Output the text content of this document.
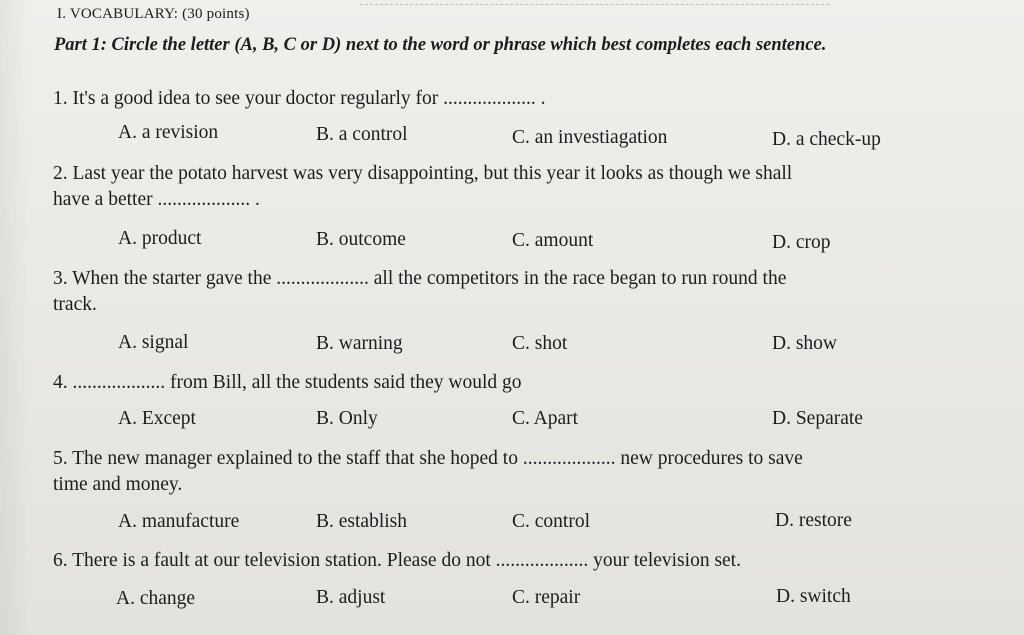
I. VOCABULARY: (30 points)
Part 1: Circle the letter (A, B, C or D) next to the word or phrase which best completes each sentence.
1. It's a good idea to see your doctor regularly for ................... .
A. a revision	B. a control	C. an investiagation	D. a check-up
2. Last year the potato harvest was very disappointing, but this year it looks as though we shall
have a better ................... .
A. product	B. outcome	C. amount	D. crop
3. When the starter gave the ................... all the competitors in the race began to run round the
track.
A. signal	B. warning	C. shot	D. show
4. ................... from Bill, all the students said they would go
A. Except	B. Only	C. Apart	D. Separate
5. The new manager explained to the staff that she hoped to ................... new procedures to save
time and money.
A. manufacture	B. establish	C. control	D. restore
6. There is a fault at our television station. Please do not ................... your television set.
A. change	B. adjust	C. repair	D. switch
